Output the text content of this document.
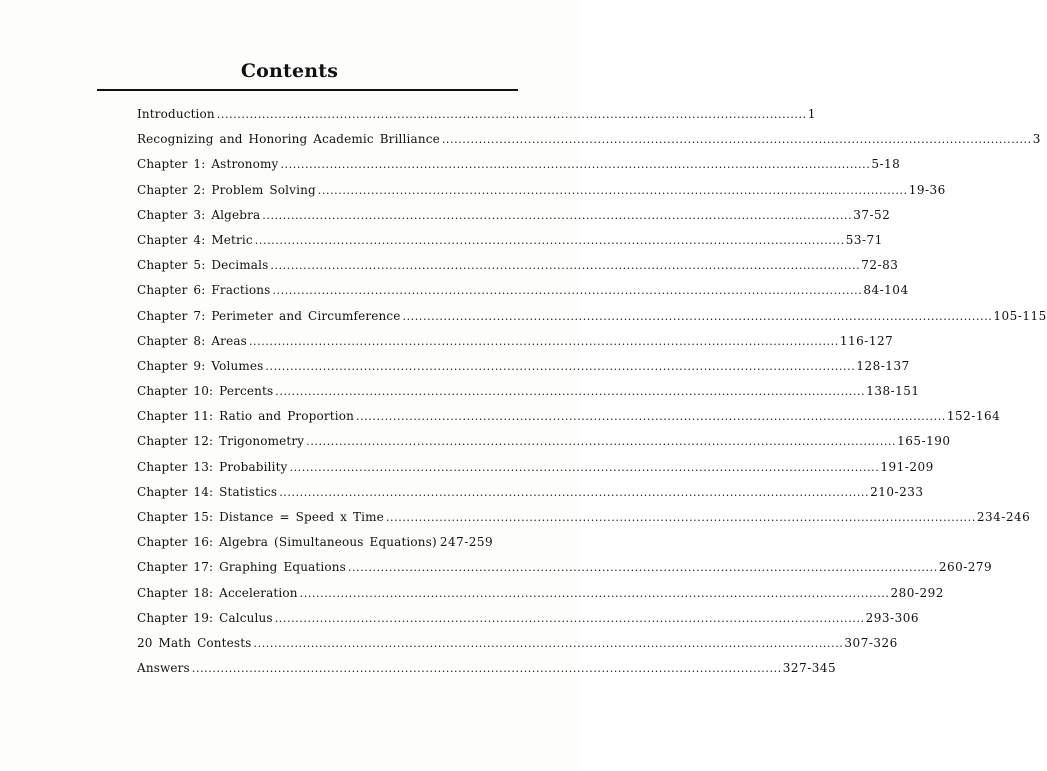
Contents
Introduction .....	1
Recognizing and Honoring Academic Brilliance .....	3
Chapter 1: Astronomy .....	5-18
Chapter 2: Problem Solving .....	19-36
Chapter 3: Algebra .....	37-52
Chapter 4: Metric .....	53-71
Chapter 5: Decimals .....	72-83
Chapter 6: Fractions .....	84-104
Chapter 7: Perimeter and Circumference .....	105-115
Chapter 8: Areas .....	116-127
Chapter 9: Volumes .....	128-137
Chapter 10: Percents .....	138-151
Chapter 11: Ratio and Proportion .....	152-164
Chapter 12: Trigonometry .....	165-190
Chapter 13: Probability .....	191-209
Chapter 14: Statistics .....	210-233
Chapter 15: Distance = Speed x Time .....	234-246
Chapter 16: Algebra (Simultaneous Equations) 247-259
Chapter 17: Graphing Equations .....	260-279
Chapter 18: Acceleration .....	280-292
Chapter 19: Calculus .....	293-306
20 Math Contests .....	307-326
Answers .....	327-345
